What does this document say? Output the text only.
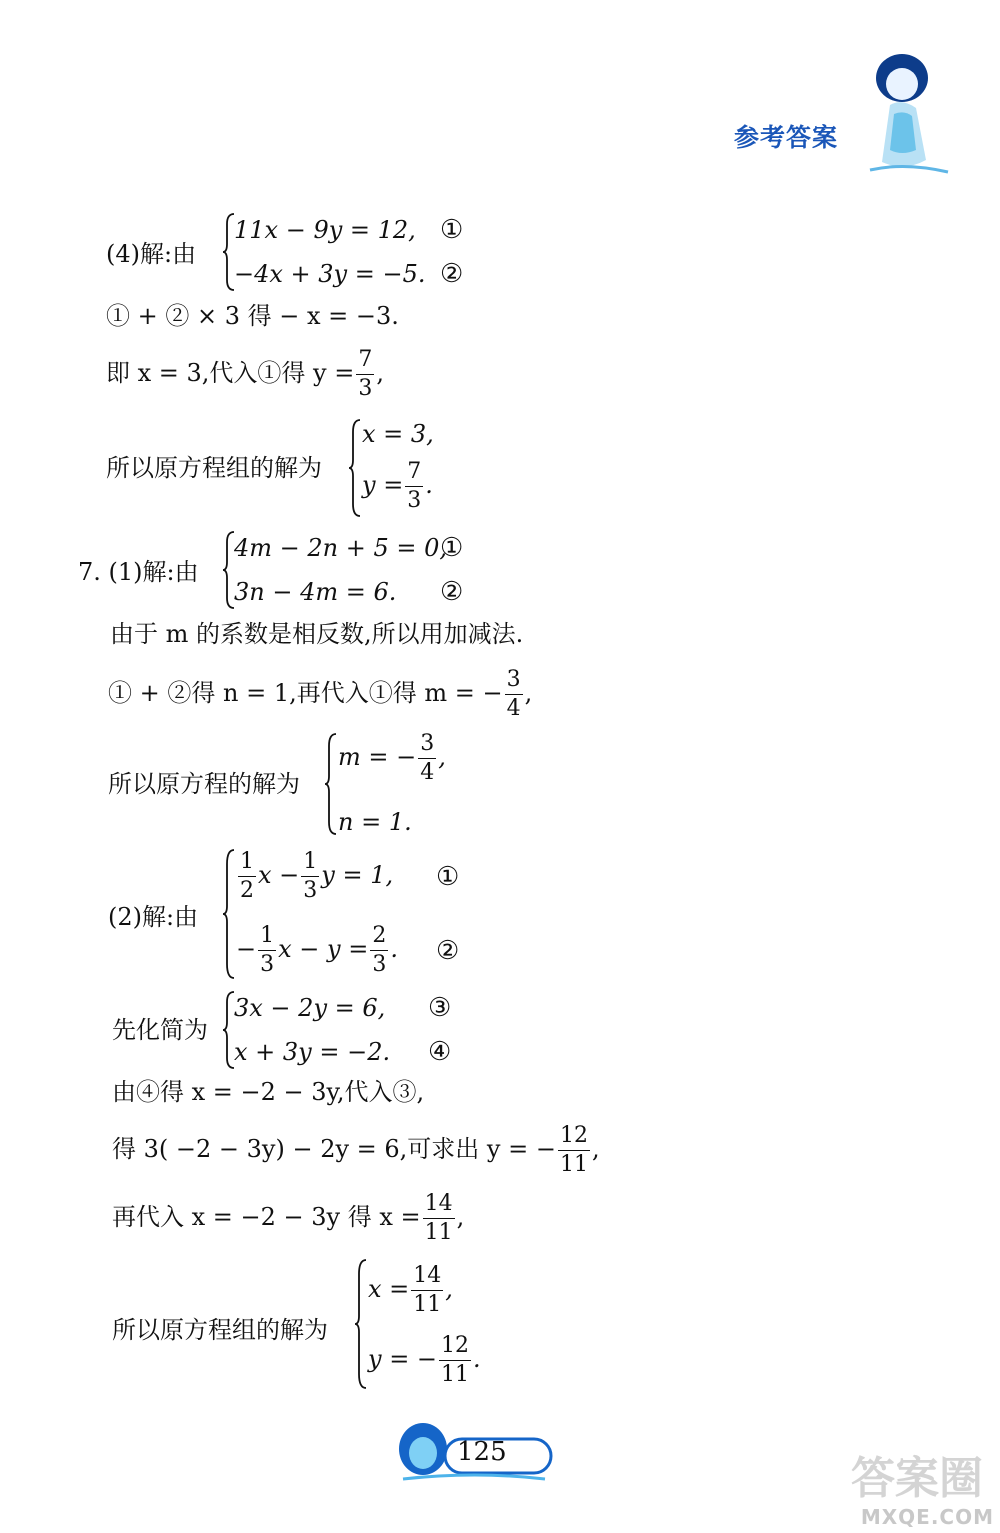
参考答案
(4)解:由
11x − 9y = 12,
−4x + 3y = −5.
①
②
① + ② × 3 得 − x = −3.
即 x = 3,代入①得 $y = \frac{7}{3}$ ,
所以原方程组的解为
x = 3,
$y = \frac{7}{3}$ .
7. (1)解:由
4m − 2n + 5 = 0,
3n − 4m = 6.
①
②
由于 m 的系数是相反数,所以用加减法.
① + ②得 n = 1,再代入①得 m = − $\frac{3}{4}$ ,
所以原方程的解为
m = − $\frac{3}{4}$ ,
n = 1.
(2)解:由
$\frac{1}{2}$ $x - \frac{1}{3}$ y = 1,
− $\frac{1}{3}$ $x - y = \frac{2}{3}$ .
①
②
先化简为
3x − 2y = 6,
x + 3y = −2.
③
④
由④得 x = −2 − 3y,代入③,
得 3( −2 − 3y) − 2y = 6,可求出 y = − $\frac{12}{11}$ ,
再代入 x = −2 − 3y 得 $x = \frac{14}{11}$ ,
所以原方程组的解为
$x = \frac{14}{11}$ ,
y = − $\frac{12}{11}$ .
125
答案圈
MXQE.COM
